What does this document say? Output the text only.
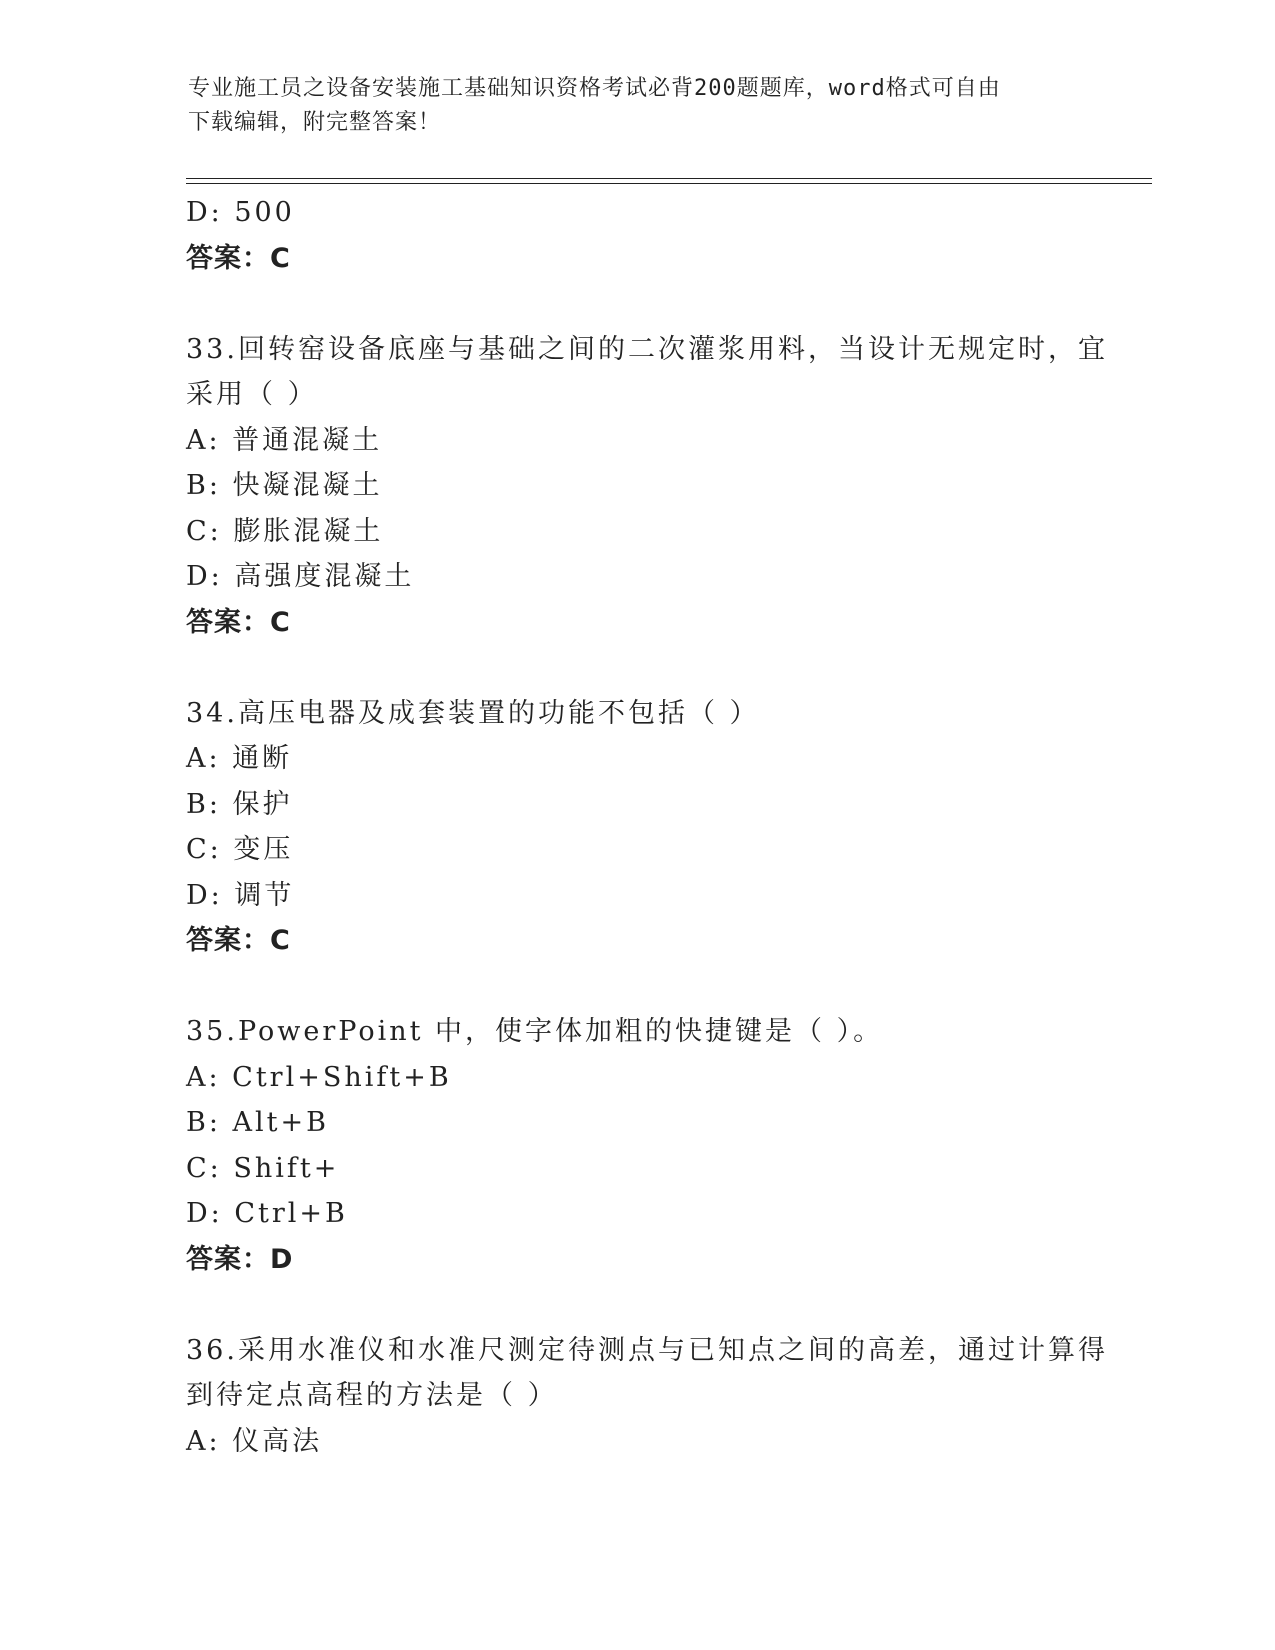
专业施工员之设备安装施工基础知识资格考试必背200题题库，word格式可自由
下载编辑，附完整答案！
D: 500
答案：C
33.回转窑设备底座与基础之间的二次灌浆用料，当设计无规定时，宜
采用（ ）
A: 普通混凝土
B: 快凝混凝土
C: 膨胀混凝土
D: 高强度混凝土
答案：C
34.高压电器及成套装置的功能不包括（ ）
A: 通断
B: 保护
C: 变压
D: 调节
答案：C
35.PowerPoint 中，使字体加粗的快捷键是（ ）。
A: Ctrl+Shift+B
B: Alt+B
C: Shift+
D: Ctrl+B
答案：D
36.采用水准仪和水准尺测定待测点与已知点之间的高差，通过计算得
到待定点高程的方法是（ ）
A: 仪高法
